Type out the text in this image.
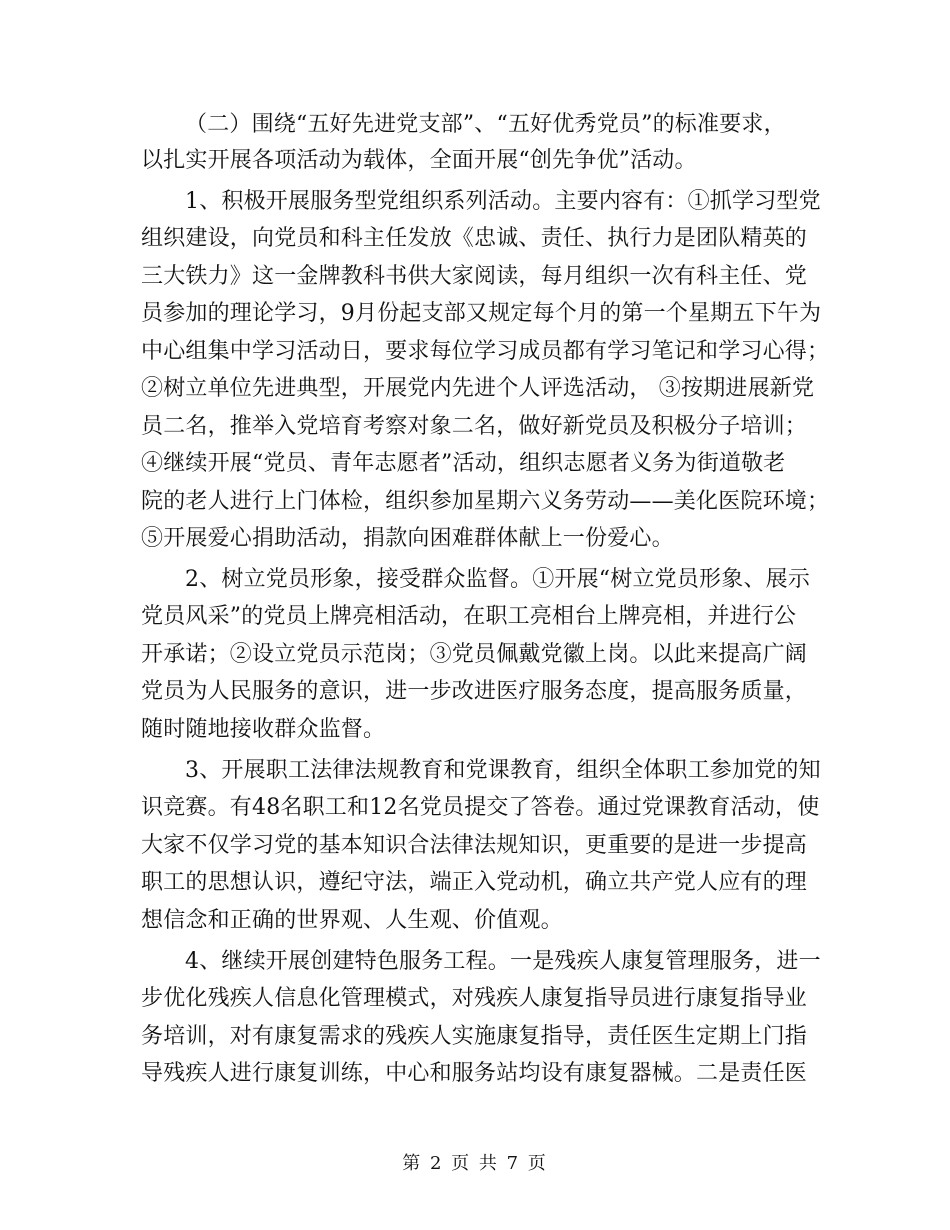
（二）围绕“五好先进党支部”、“五好优秀党员”的标准要求，
以扎实开展各项活动为载体，全面开展“创先争优”活动。
1、积极开展服务型党组织系列活动。主要内容有：①抓学习型党
组织建设，向党员和科主任发放《忠诚、责任、执行力是团队精英的
三大铁力》这一金牌教科书供大家阅读，每月组织一次有科主任、党
员参加的理论学习，9月份起支部又规定每个月的第一个星期五下午为
中心组集中学习活动日，要求每位学习成员都有学习笔记和学习心得；
②树立单位先进典型，开展党内先进个人评选活动， ③按期进展新党
员二名，推举入党培育考察对象二名，做好新党员及积极分子培训；
④继续开展“党员、青年志愿者”活动，组织志愿者义务为街道敬老
院的老人进行上门体检，组织参加星期六义务劳动——美化医院环境；
⑤开展爱心捐助活动，捐款向困难群体献上一份爱心。
2、树立党员形象，接受群众监督。①开展“树立党员形象、展示
党员风采”的党员上牌亮相活动，在职工亮相台上牌亮相，并进行公
开承诺；②设立党员示范岗；③党员佩戴党徽上岗。以此来提高广阔
党员为人民服务的意识，进一步改进医疗服务态度，提高服务质量，
随时随地接收群众监督。
3、开展职工法律法规教育和党课教育，组织全体职工参加党的知
识竞赛。有48名职工和12名党员提交了答卷。通过党课教育活动，使
大家不仅学习党的基本知识合法律法规知识，更重要的是进一步提高
职工的思想认识，遵纪守法，端正入党动机，确立共产党人应有的理
想信念和正确的世界观、人生观、价值观。
4、继续开展创建特色服务工程。一是残疾人康复管理服务，进一
步优化残疾人信息化管理模式，对残疾人康复指导员进行康复指导业
务培训，对有康复需求的残疾人实施康复指导，责任医生定期上门指
导残疾人进行康复训练，中心和服务站均设有康复器械。二是责任医
第 2 页 共 7 页
